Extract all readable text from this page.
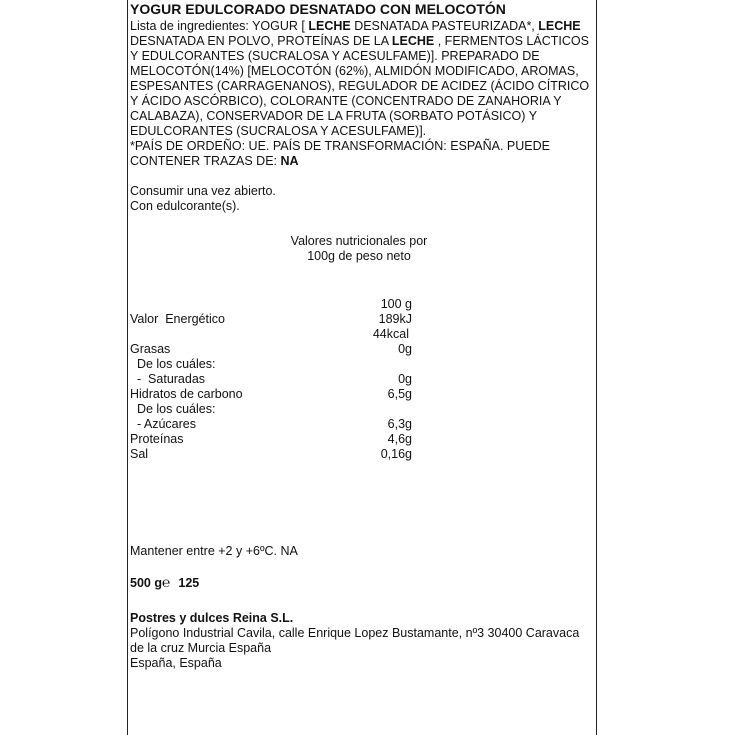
YOGUR EDULCORADO DESNATADO CON MELOCOTÓN
Lista de ingredientes: YOGUR [ LECHE DESNATADA PASTEURIZADA*, LECHE DESNATADA EN POLVO, PROTEÍNAS DE LA LECHE , FERMENTOS LÁCTICOS Y EDULCORANTES (SUCRALOSA Y ACESULFAME)]. PREPARADO DE MELOCOTÓN(14%) [MELOCOTÓN (62%), ALMIDÓN MODIFICADO, AROMAS, ESPESANTES (CARRAGENANOS), REGULADOR DE ACIDEZ (ÁCIDO CÍTRICO Y ÁCIDO ASCÓRBICO), COLORANTE (CONCENTRADO DE ZANAHORIA Y CALABAZA), CONSERVADOR DE LA FRUTA (SORBATO POTÁSICO) Y EDULCORANTES (SUCRALOSA Y ACESULFAME)].
*PAÍS DE ORDEÑO: UE. PAÍS DE TRANSFORMACIÓN: ESPAÑA. PUEDE CONTENER TRAZAS DE: NA
Consumir una vez abierto.
Con edulcorante(s).
Valores nutricionales por
100g de peso neto
100 g
Valor  Energético	189kJ
44kcal
Grasas	0g
De los cuáles:
-  Saturadas	0g
Hidratos de carbono	6,5g
De los cuáles:
- Azúcares	6,3g
Proteínas	4,6g
Sal	0,16g
Mantener entre +2 y +6ºC. NA
500 g℮ 125
Postres y dulces Reina S.L.
Polígono Industrial Cavila, calle Enrique Lopez Bustamante, nº3 30400 Caravaca de la cruz Murcia España
España, España
